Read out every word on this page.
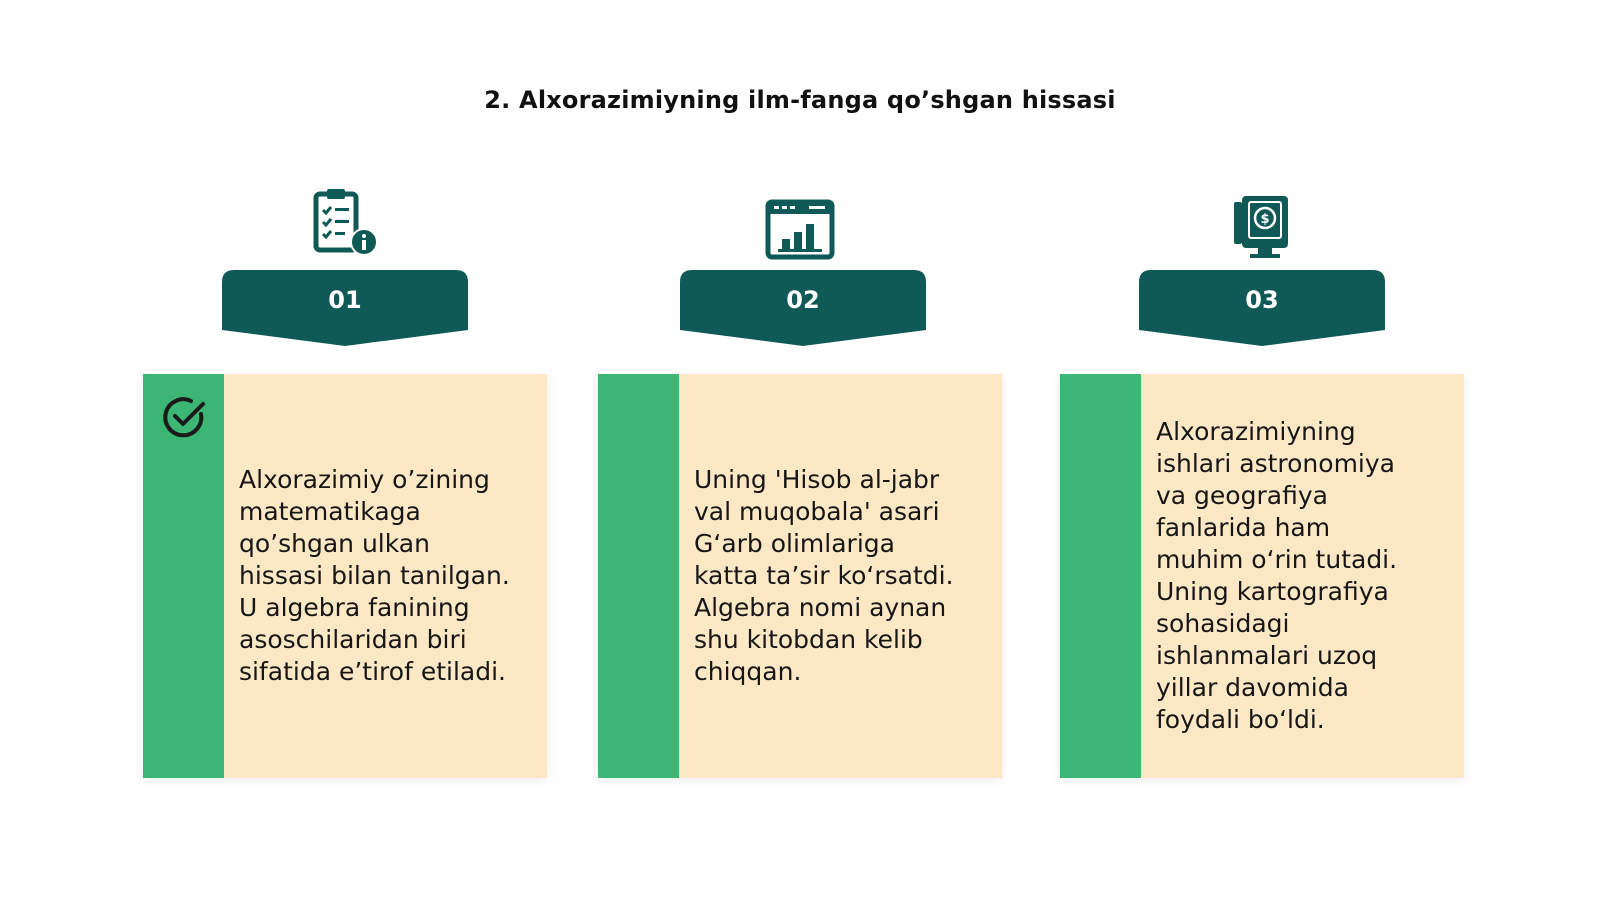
2. Alxorazimiyning ilm-fanga qo’shgan hissasi
01
Alxorazimiy o’zining
matematikaga
qo’shgan ulkan
hissasi bilan tanilgan.
U algebra fanining
asoschilaridan biri
sifatida e’tirof etiladi.
02
Uning 'Hisob al-jabr
val muqobala' asari
G‘arb olimlariga
katta ta’sir ko‘rsatdi.
Algebra nomi aynan
shu kitobdan kelib
chiqqan.
$
03
Alxorazimiyning
ishlari astronomiya
va geografiya
fanlarida ham
muhim o‘rin tutadi.
Uning kartografiya
sohasidagi
ishlanmalari uzoq
yillar davomida
foydali bo‘ldi.
